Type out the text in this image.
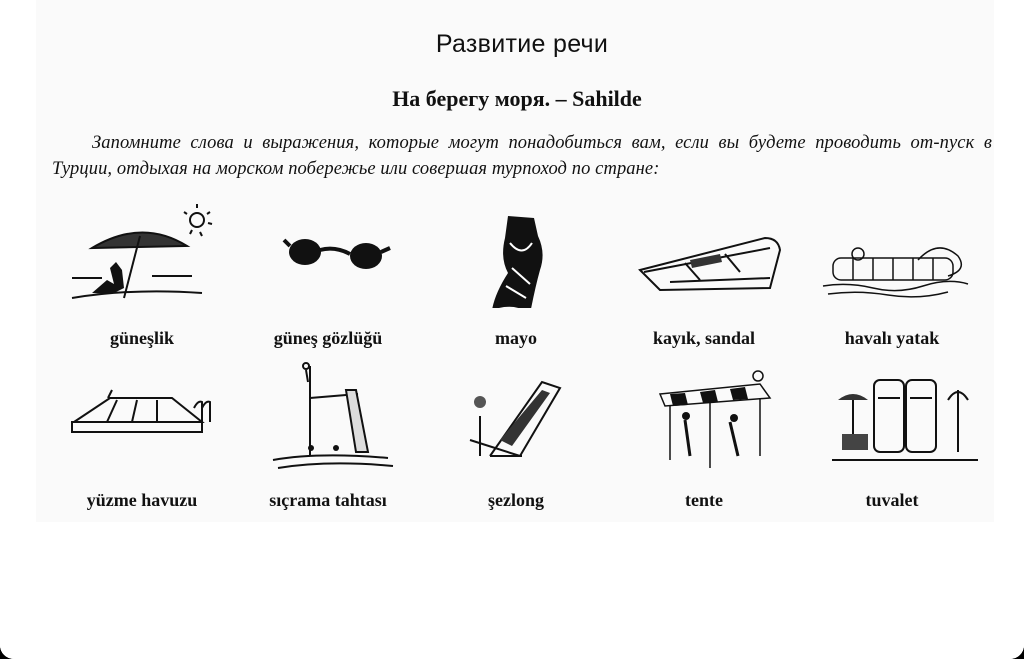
Развитие речи
На берегу моря. – Sahilde
Запомните слова и выражения, которые могут понадобиться вам, если вы будете проводить от-пуск в Турции, отдыхая на морском побережье или совершая турпоход по стране:
güneşlik	güneş gözlüğü	mayo	kayık, sandal	havalı yatak
yüzme havuzu	sıçrama tahtası	şezlong	tente	tuvalet
